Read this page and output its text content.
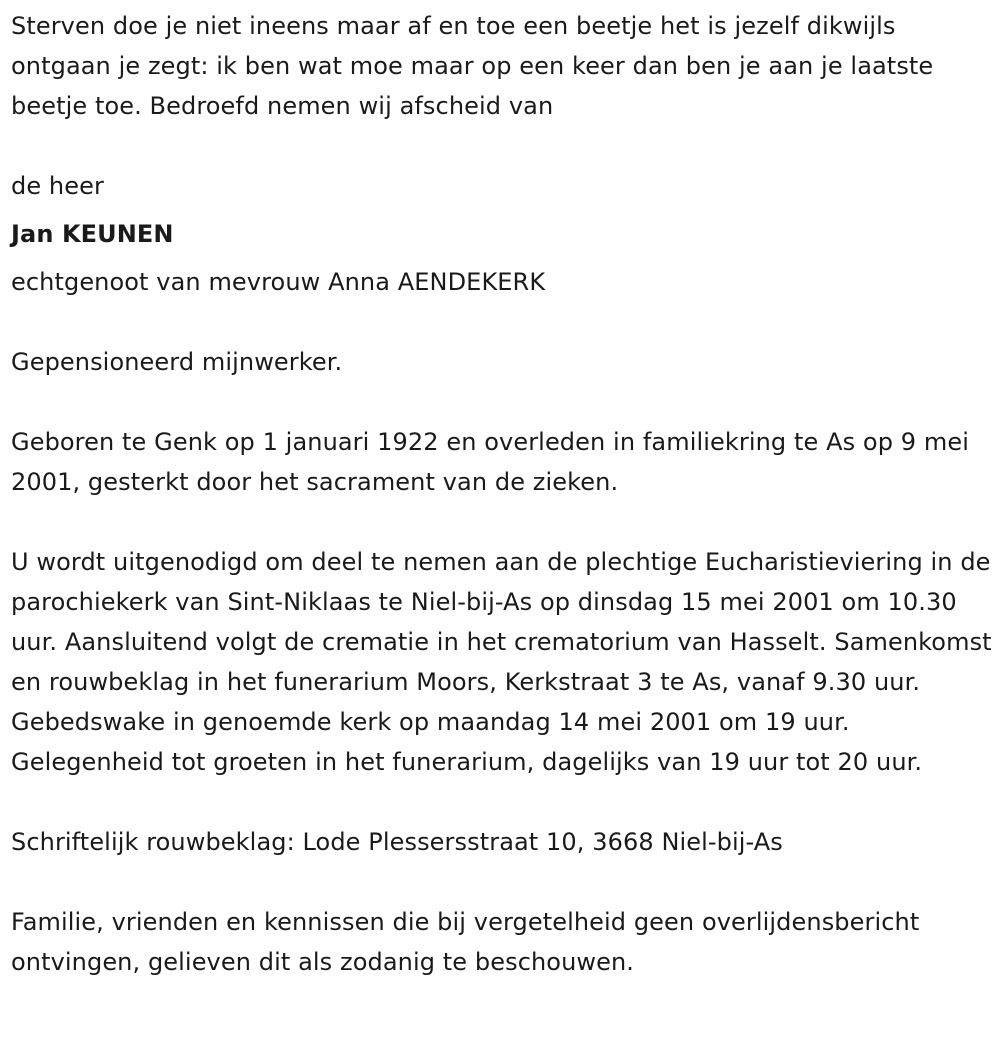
Sterven doe je niet ineens maar af en toe een beetje het is jezelf dikwijls ontgaan je zegt: ik ben wat moe maar op een keer dan ben je aan je laatste beetje toe. Bedroefd nemen wij afscheid van

de heer

Jan KEUNEN

echtgenoot van mevrouw Anna AENDEKERK

Gepensioneerd mijnwerker.

Geboren te Genk op 1 januari 1922 en overleden in familiekring te As op 9 mei 2001, gesterkt door het sacrament van de zieken.

U wordt uitgenodigd om deel te nemen aan de plechtige Eucharistieviering in de parochiekerk van Sint-Niklaas te Niel-bij-As op dinsdag 15 mei 2001 om 10.30 uur. Aansluitend volgt de crematie in het crematorium van Hasselt. Samenkomst en rouwbeklag in het funerarium Moors, Kerkstraat 3 te As, vanaf 9.30 uur. Gebedswake in genoemde kerk op maandag 14 mei 2001 om 19 uur. Gelegenheid tot groeten in het funerarium, dagelijks van 19 uur tot 20 uur.

Schriftelijk rouwbeklag: Lode Plessersstraat 10, 3668 Niel-bij-As

Familie, vrienden en kennissen die bij vergetelheid geen overlijdensbericht ontvingen, gelieven dit als zodanig te beschouwen.
